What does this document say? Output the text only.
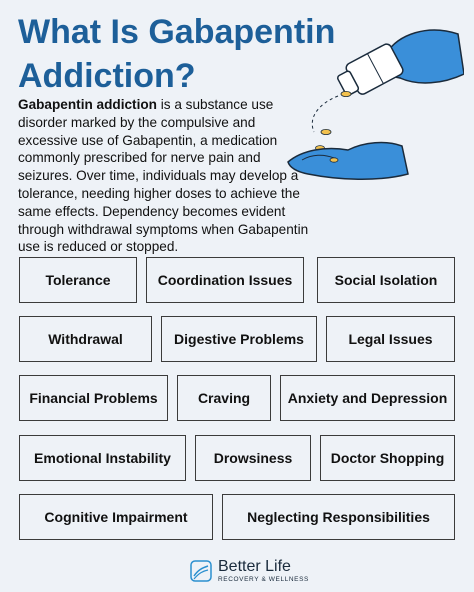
What Is Gabapentin
Addiction?
Gabapentin addiction is a substance use disorder marked by the compulsive and excessive use of Gabapentin, a medication commonly prescribed for nerve pain and seizures. Over time, individuals may develop a tolerance, needing higher doses to achieve the same effects. Dependency becomes evident through withdrawal symptoms when Gabapentin use is reduced or stopped.
Tolerance	Coordination Issues	Social Isolation
Withdrawal	Digestive Problems	Legal Issues
Financial Problems	Craving	Anxiety and Depression
Emotional Instability	Drowsiness	Doctor Shopping
Cognitive Impairment	Neglecting Responsibilities
Better Life
RECOVERY & WELLNESS
